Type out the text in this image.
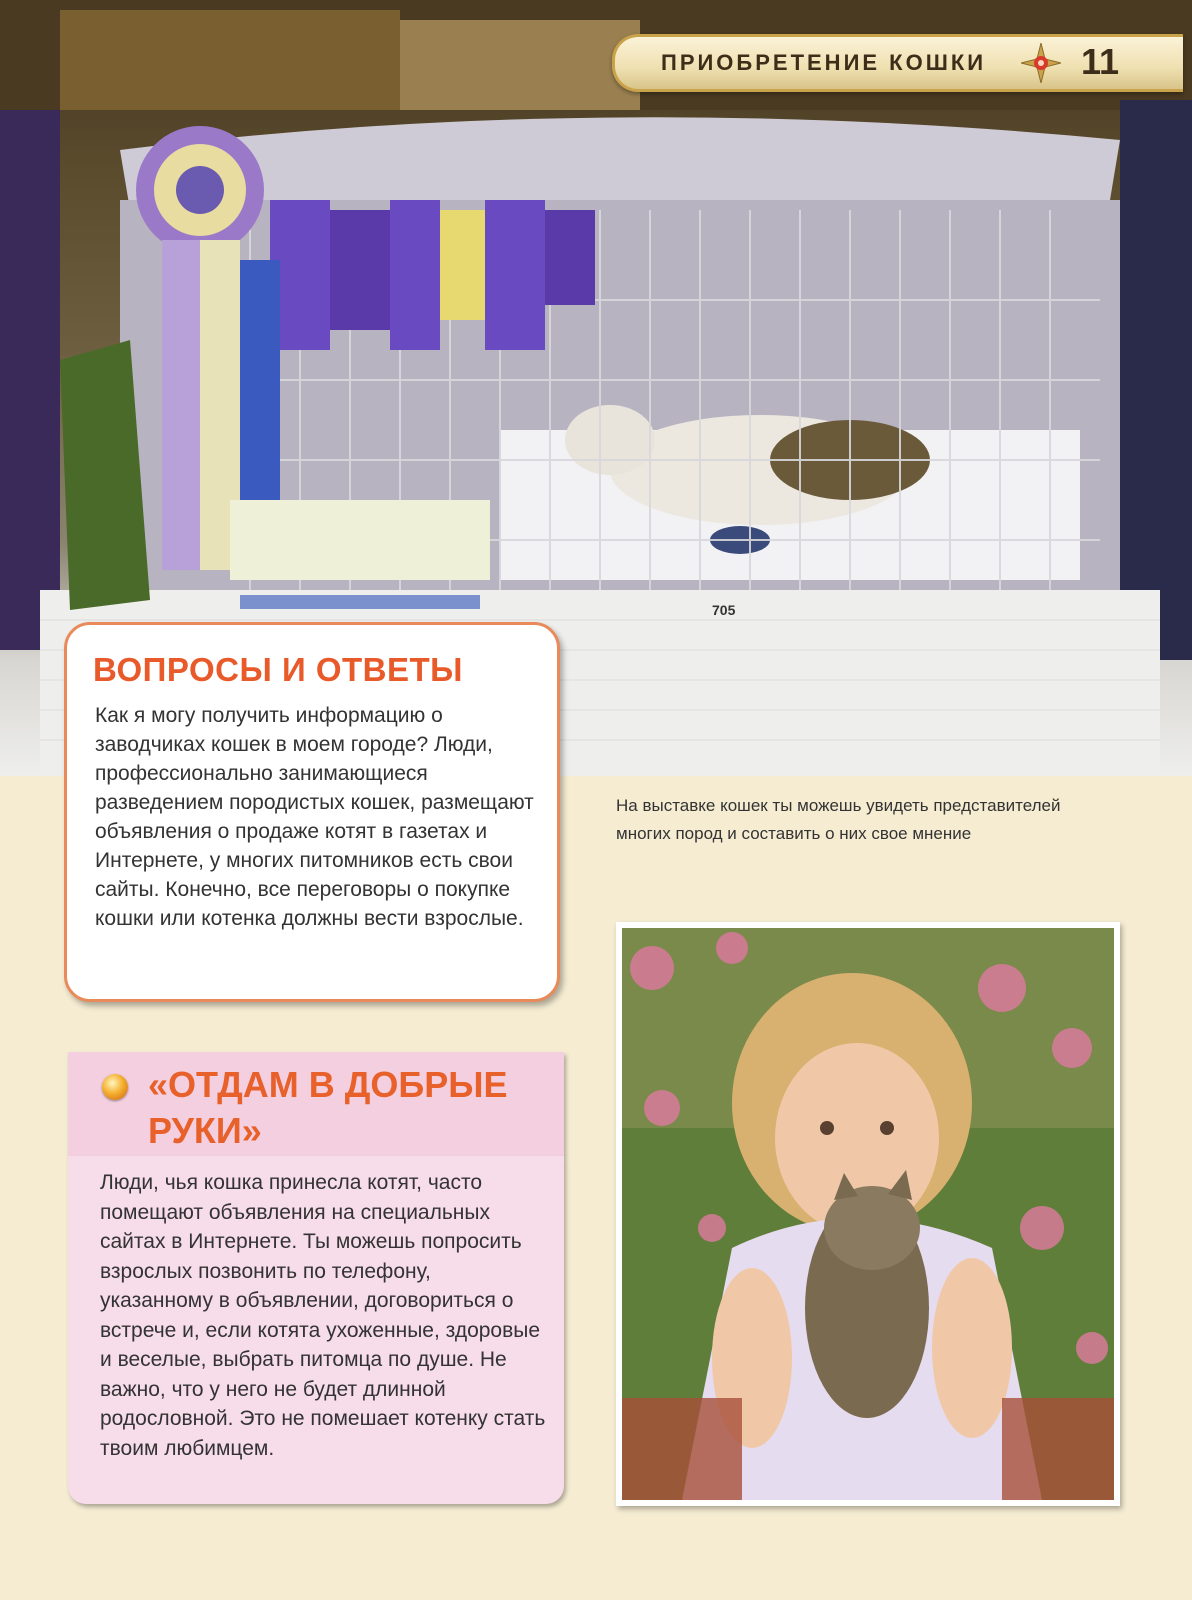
705
ПРИОБРЕТЕНИЕ КОШКИ	11
ВОПРОСЫ И ОТВЕТЫ
Как я могу получить информацию о заводчиках кошек в моем городе? Люди, профессионально занимающиеся разведением породистых кошек, размещают объявления о продаже котят в газетах и Интернете, у многих питомников есть свои сайты. Конечно, все переговоры о покупке кошки или котенка должны вести взрослые.
На выставке кошек ты можешь увидеть представителей многих пород и составить о них свое мнение
«ОТДАМ В ДОБРЫЕ РУКИ»
Люди, чья кошка принесла котят, часто помещают объявления на специальных сайтах в Интернете. Ты можешь попросить взрослых позвонить по телефону, указанному в объявлении, договориться о встрече и, если котята ухоженные, здоровые и веселые, выбрать питомца по душе. Не важно, что у него не будет длинной родословной. Это не помешает котенку стать твоим любимцем.
